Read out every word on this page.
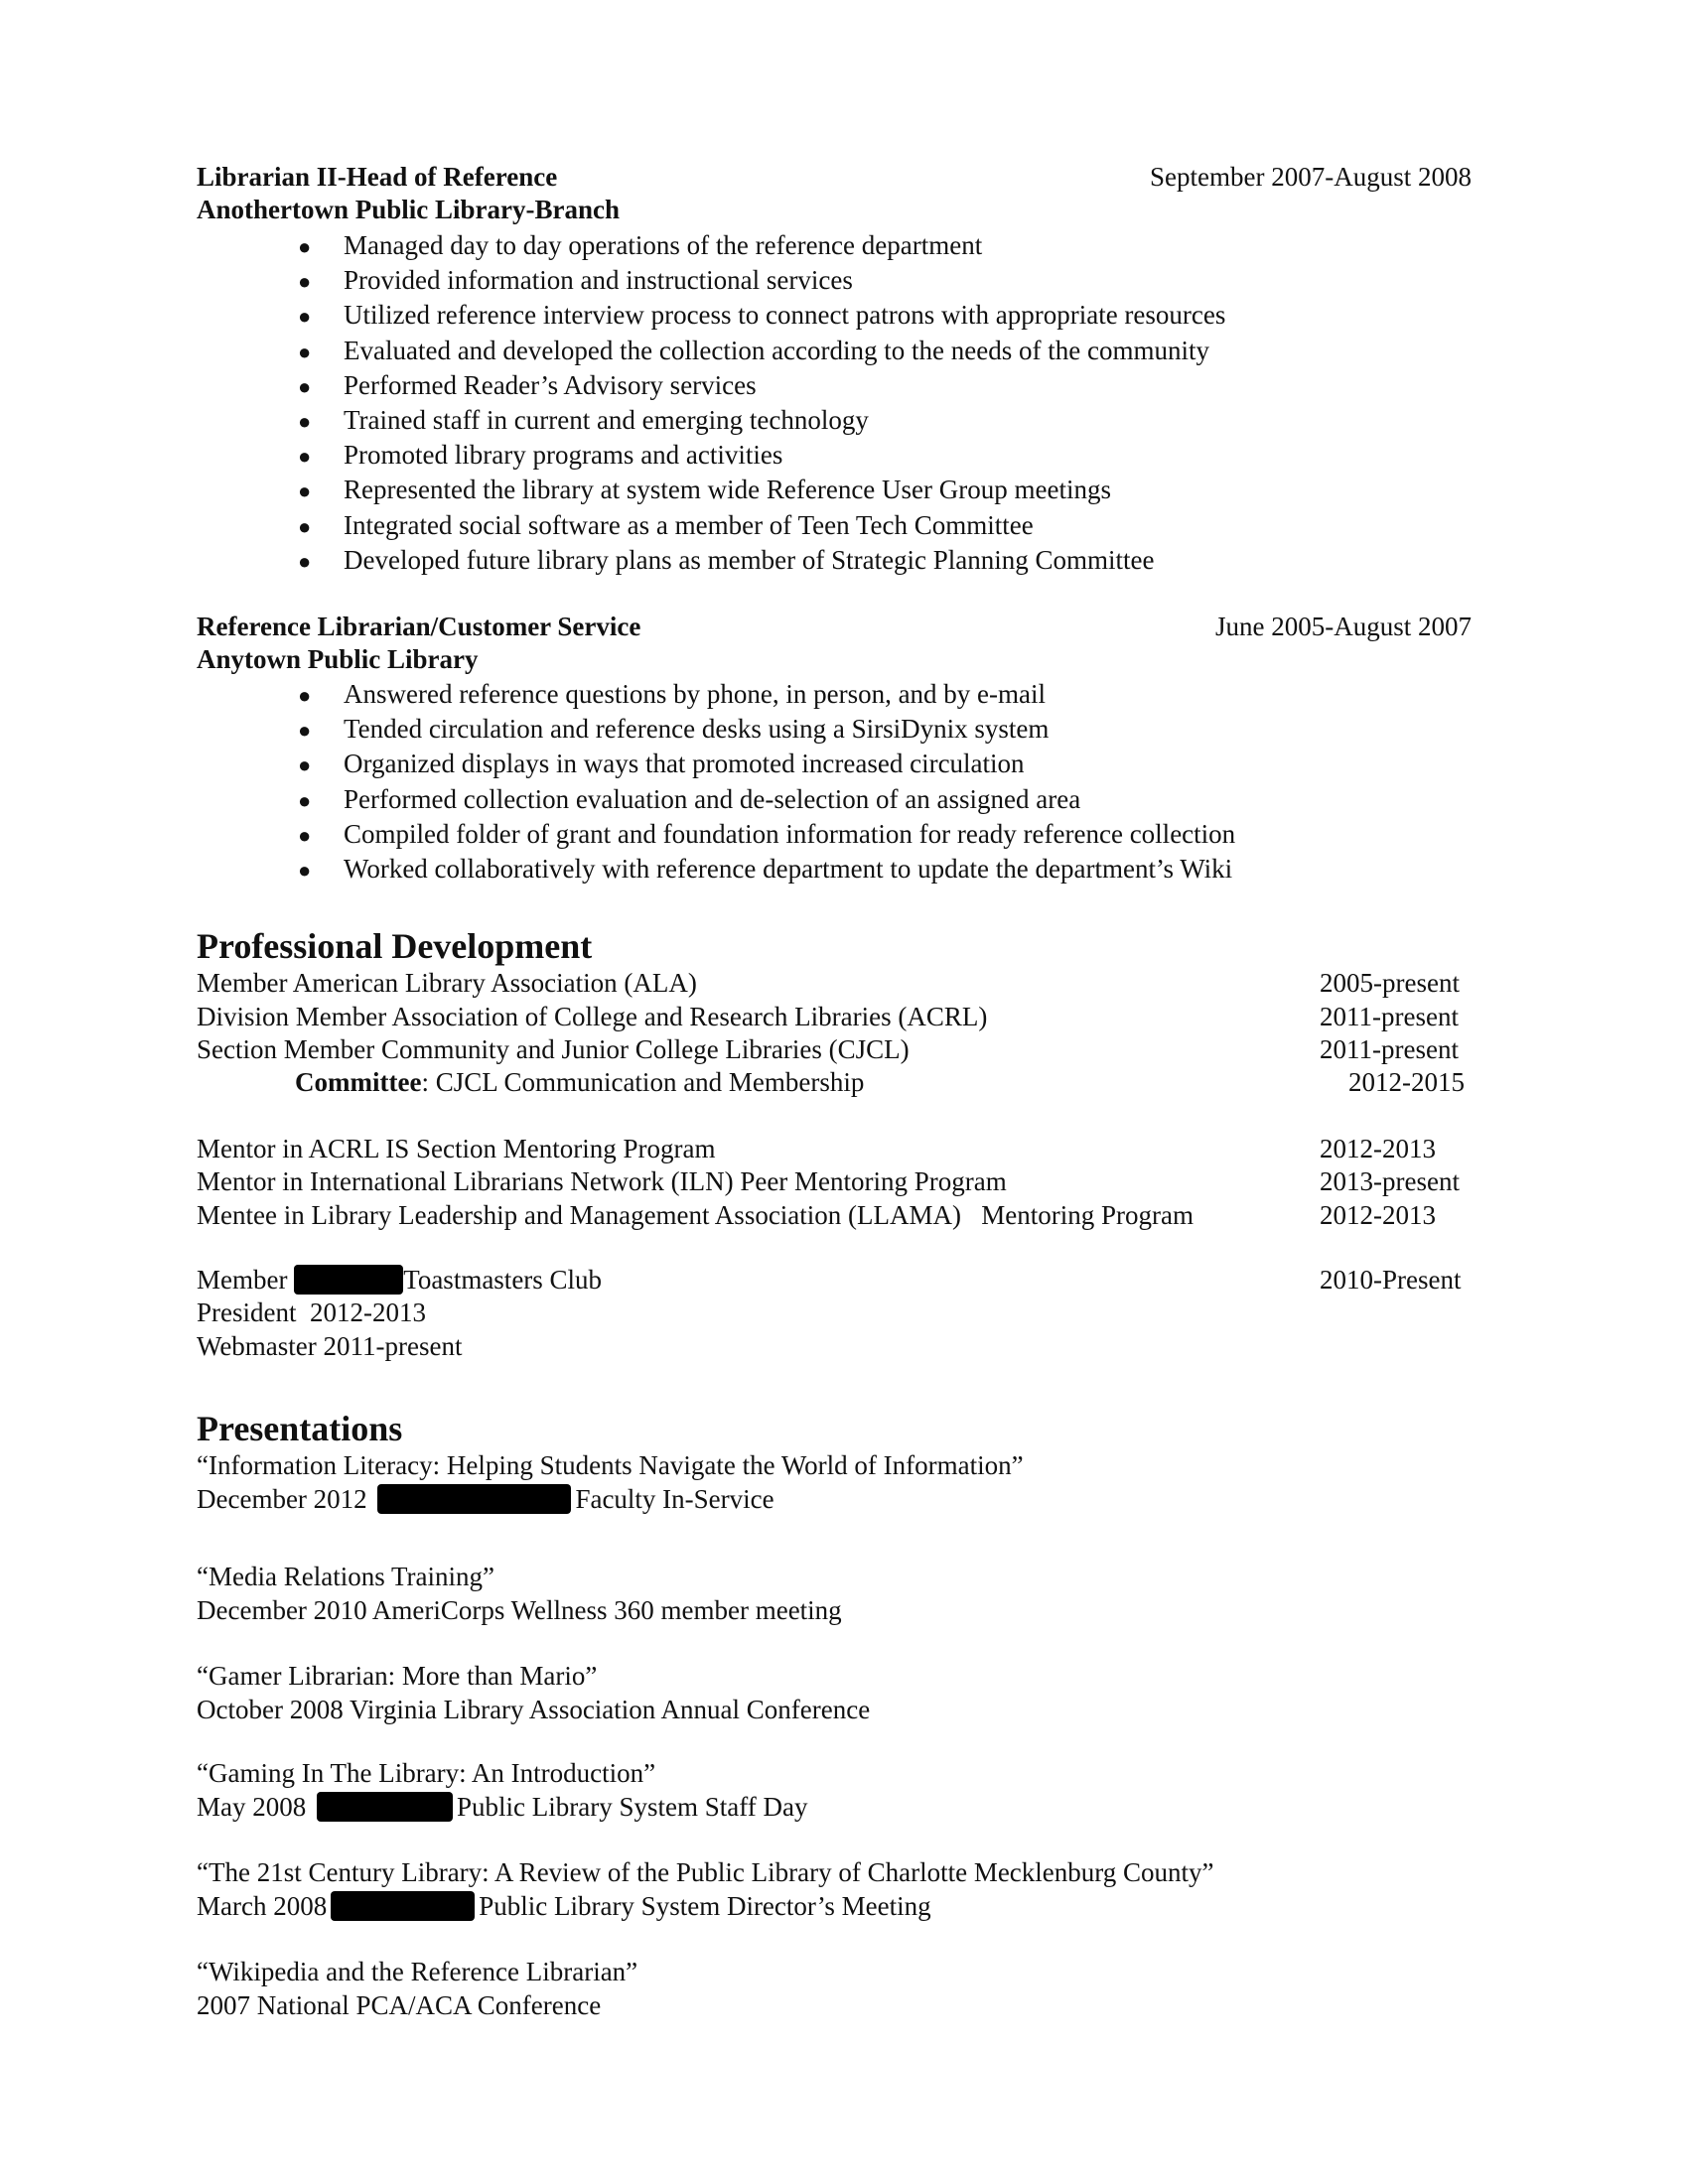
Librarian II-Head of Reference	September 2007-August 2008
Anothertown Public Library-Branch
● Managed day to day operations of the reference department
● Provided information and instructional services
● Utilized reference interview process to connect patrons with appropriate resources
● Evaluated and developed the collection according to the needs of the community
● Performed Reader’s Advisory services
● Trained staff in current and emerging technology
● Promoted library programs and activities
● Represented the library at system wide Reference User Group meetings
● Integrated social software as a member of Teen Tech Committee
● Developed future library plans as member of Strategic Planning Committee
Reference Librarian/Customer Service	June 2005-August 2007
Anytown Public Library
● Answered reference questions by phone, in person, and by e-mail
● Tended circulation and reference desks using a SirsiDynix system
● Organized displays in ways that promoted increased circulation
● Performed collection evaluation and de-selection of an assigned area
● Compiled folder of grant and foundation information for ready reference collection
● Worked collaboratively with reference department to update the department’s Wiki
Professional Development
Member American Library Association (ALA)	2005-present
Division Member Association of College and Research Libraries (ACRL)	2011-present
Section Member Community and Junior College Libraries (CJCL)	2011-present
Committee: CJCL Communication and Membership	2012-2015
Mentor in ACRL IS Section Mentoring Program	2012-2013
Mentor in International Librarians Network (ILN) Peer Mentoring Program	2013-present
Mentee in Library Leadership and Management Association (LLAMA)   Mentoring Program	2012-2013
Member	Toastmasters Club	2010-Present
President  2012-2013
Webmaster 2011-present
Presentations
“Information Literacy: Helping Students Navigate the World of Information”
December 2012	Faculty In-Service
“Media Relations Training”
December 2010 AmeriCorps Wellness 360 member meeting
“Gamer Librarian: More than Mario”
October 2008 Virginia Library Association Annual Conference
“Gaming In The Library: An Introduction”
May 2008	Public Library System Staff Day
“The 21st Century Library: A Review of the Public Library of Charlotte Mecklenburg County”
March 2008	Public Library System Director’s Meeting
“Wikipedia and the Reference Librarian”
2007 National PCA/ACA Conference
